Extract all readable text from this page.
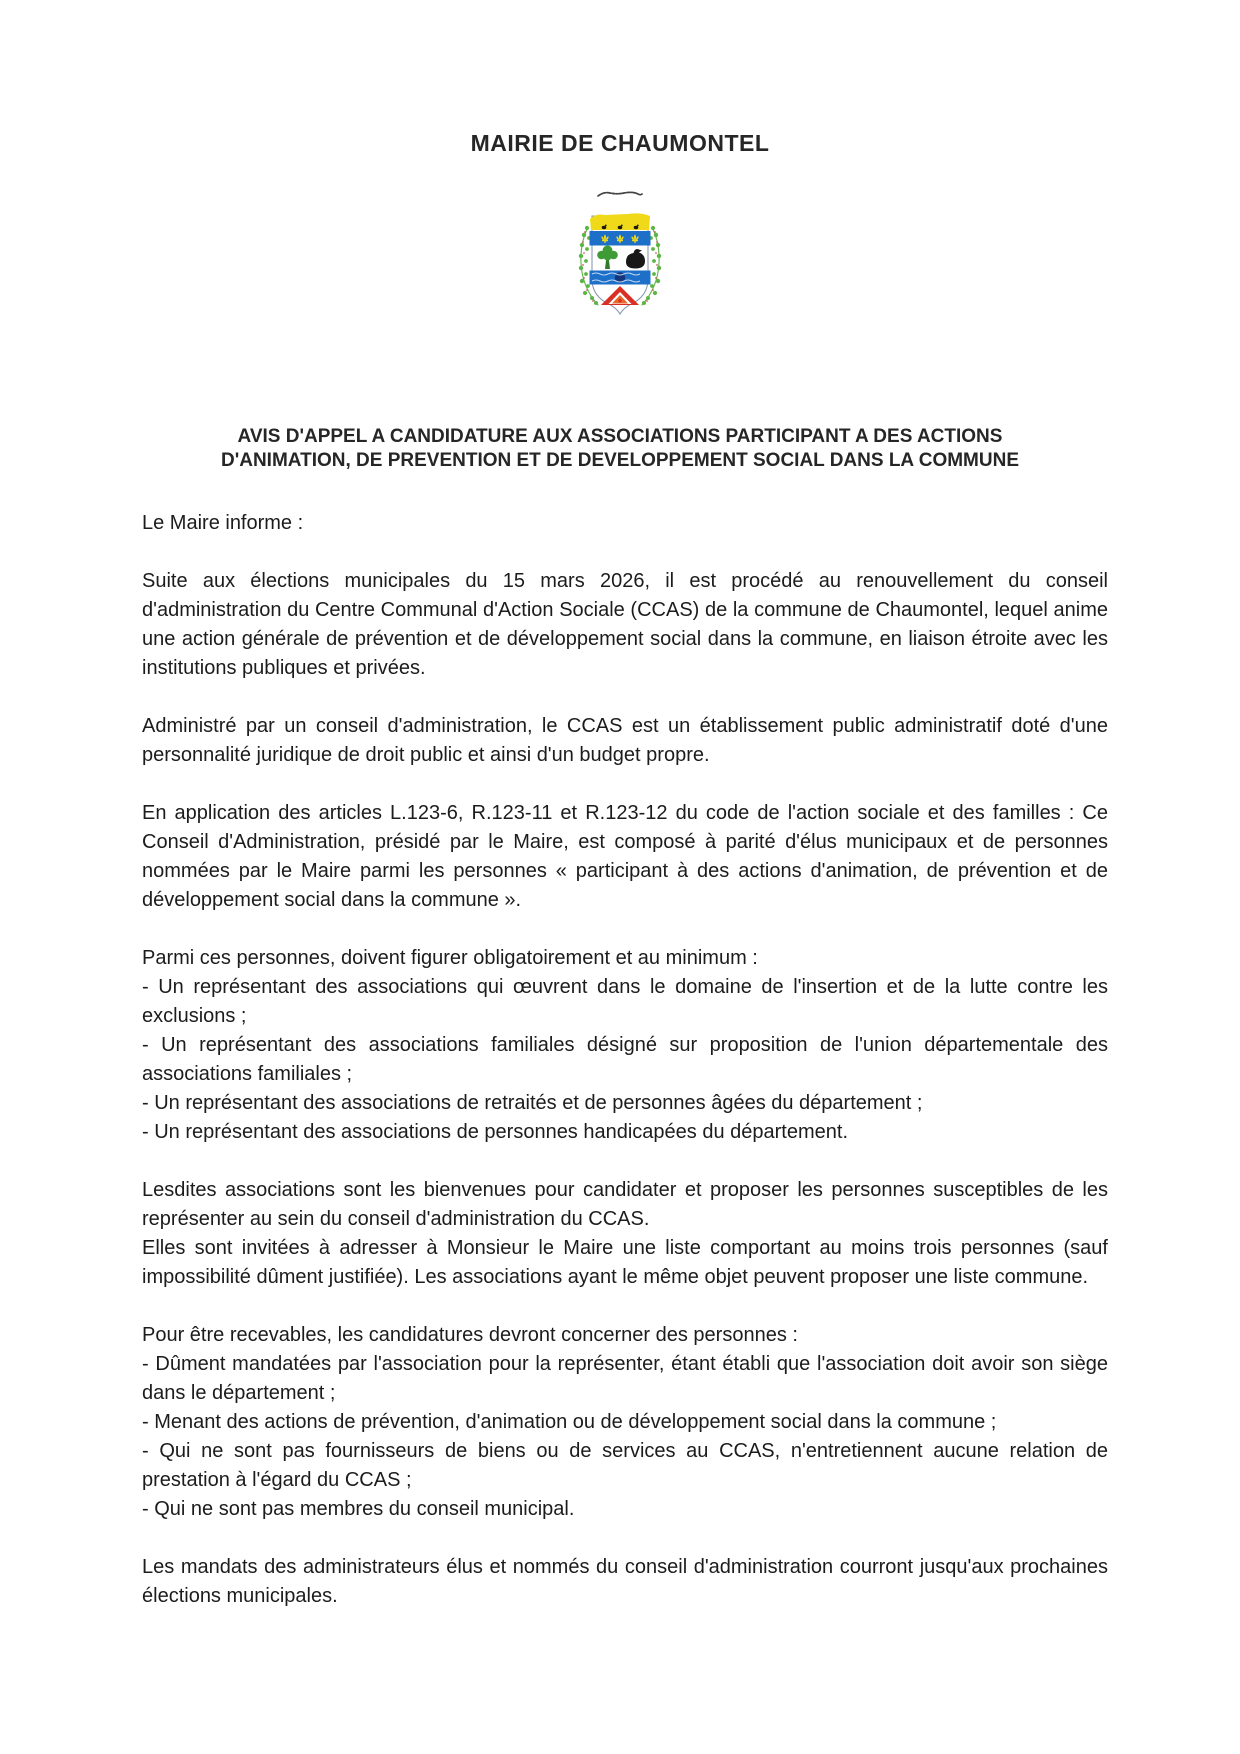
MAIRIE DE CHAUMONTEL
AVIS D'APPEL A CANDIDATURE AUX ASSOCIATIONS PARTICIPANT A DES ACTIONS
D'ANIMATION, DE PREVENTION ET DE DEVELOPPEMENT SOCIAL DANS LA COMMUNE
Le Maire informe :
Suite aux élections municipales du 15 mars 2026, il est procédé au renouvellement du conseil d'administration du Centre Communal d'Action Sociale (CCAS) de la commune de Chaumontel, lequel anime une action générale de prévention et de développement social dans la commune, en liaison étroite avec les institutions publiques et privées.
Administré par un conseil d'administration, le CCAS est un établissement public administratif doté d'une personnalité juridique de droit public et ainsi d'un budget propre.
En application des articles L.123-6, R.123-11 et R.123-12 du code de l'action sociale et des familles : Ce Conseil d'Administration, présidé par le Maire, est composé à parité d'élus municipaux et de personnes nommées par le Maire parmi les personnes « participant à des actions d'animation, de prévention et de développement social dans la commune ».
Parmi ces personnes, doivent figurer obligatoirement et au minimum :
- Un représentant des associations qui œuvrent dans le domaine de l'insertion et de la lutte contre les exclusions ;
- Un représentant des associations familiales désigné sur proposition de l'union départementale des associations familiales ;
- Un représentant des associations de retraités et de personnes âgées du département ;
- Un représentant des associations de personnes handicapées du département.
Lesdites associations sont les bienvenues pour candidater et proposer les personnes susceptibles de les représenter au sein du conseil d'administration du CCAS.
Elles sont invitées à adresser à Monsieur le Maire une liste comportant au moins trois personnes (sauf impossibilité dûment justifiée). Les associations ayant le même objet peuvent proposer une liste commune.
Pour être recevables, les candidatures devront concerner des personnes :
- Dûment mandatées par l'association pour la représenter, étant établi que l'association doit avoir son siège dans le département ;
- Menant des actions de prévention, d'animation ou de développement social dans la commune ;
- Qui ne sont pas fournisseurs de biens ou de services au CCAS, n'entretiennent aucune relation de prestation à l'égard du CCAS ;
- Qui ne sont pas membres du conseil municipal.
Les mandats des administrateurs élus et nommés du conseil d'administration courront jusqu'aux prochaines élections municipales.
